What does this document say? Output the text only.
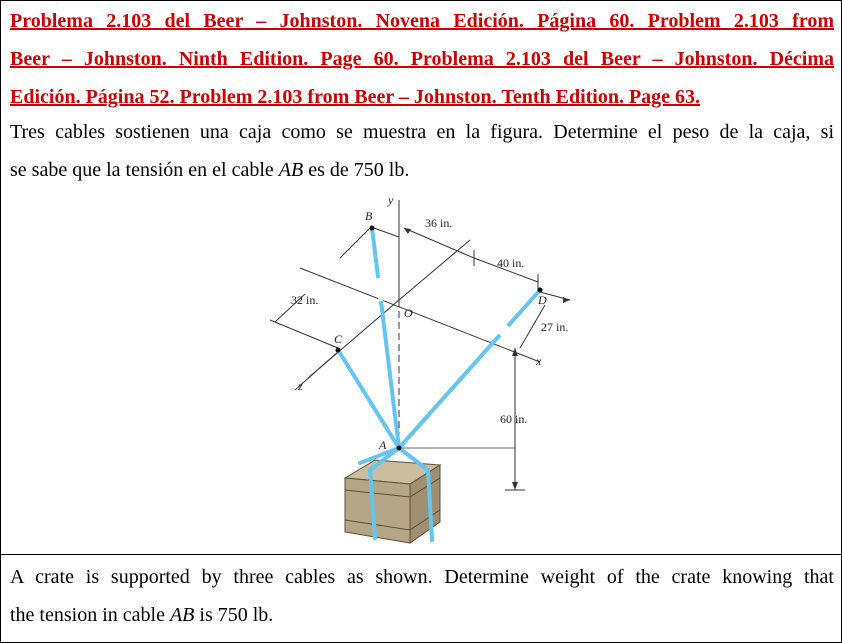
Problema 2.103 del Beer – Johnston. Novena Edición. Página 60. Problem 2.103 from
Beer – Johnston. Ninth Edition. Page 60. Problema 2.103 del Beer – Johnston. Décima
Edición. Página 52. Problem 2.103 from Beer – Johnston. Tenth Edition. Page 63.
Tres cables sostienen una caja como se muestra en la figura. Determine el peso de la caja, si
se sabe que la tensión en el cable AB es de 750 lb.
y
B
C
D
O
A
x
z
36 in.
40 in.
32 in.
27 in.
60 in.
A crate is supported by three cables as shown. Determine weight of the crate knowing that
the tension in cable AB is 750 lb.
